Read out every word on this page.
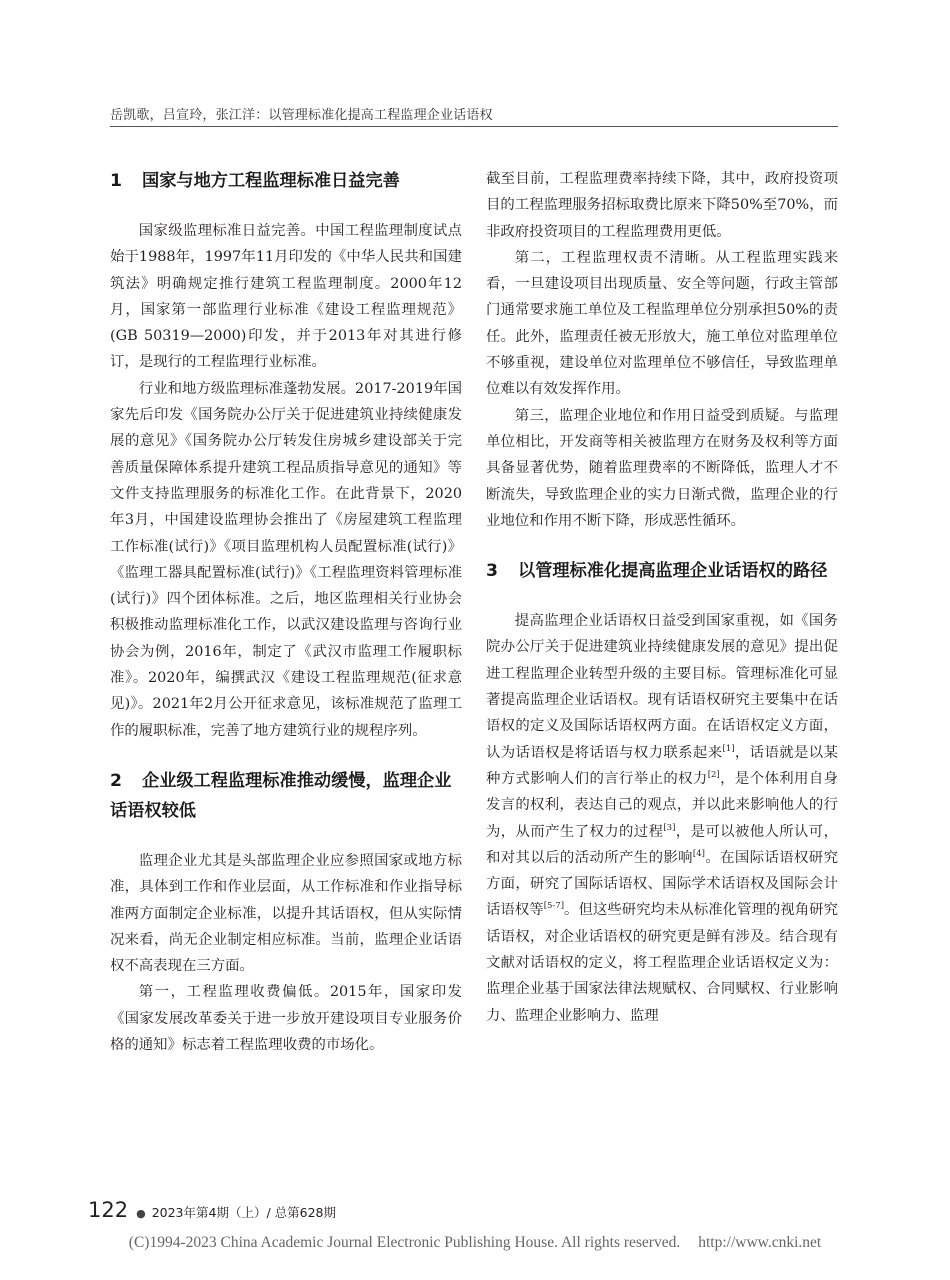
岳凯歌，吕宣玲，张江洋：以管理标准化提高工程监理企业话语权
1 国家与地方工程监理标准日益完善

国家级监理标准日益完善。中国工程监理制度试点始于1988年，1997年11月印发的《中华人民共和国建筑法》明确规定推行建筑工程监理制度。2000年12月，国家第一部监理行业标准《建设工程监理规范》(GB 50319—2000)印发，并于2013年对其进行修订，是现行的工程监理行业标准。

行业和地方级监理标准蓬勃发展。2017-2019年国家先后印发《国务院办公厅关于促进建筑业持续健康发展的意见》《国务院办公厅转发住房城乡建设部关于完善质量保障体系提升建筑工程品质指导意见的通知》等文件支持监理服务的标准化工作。在此背景下，2020年3月，中国建设监理协会推出了《房屋建筑工程监理工作标准(试行)》《项目监理机构人员配置标准(试行)》《监理工器具配置标准(试行)》《工程监理资料管理标准(试行)》四个团体标准。之后，地区监理相关行业协会积极推动监理标准化工作，以武汉建设监理与咨询行业协会为例，2016年，制定了《武汉市监理工作履职标准》。2020年，编撰武汉《建设工程监理规范(征求意见)》。2021年2月公开征求意见，该标准规范了监理工作的履职标准，完善了地方建筑行业的规程序列。

2 企业级工程监理标准推动缓慢，监理企业话语权较低

监理企业尤其是头部监理企业应参照国家或地方标准，具体到工作和作业层面，从工作标准和作业指导标准两方面制定企业标准，以提升其话语权，但从实际情况来看，尚无企业制定相应标准。当前，监理企业话语权不高表现在三方面。

第一，工程监理收费偏低。2015年，国家印发《国家发展改革委关于进一步放开建设项目专业服务价格的通知》标志着工程监理收费的市场化。

截至目前，工程监理费率持续下降，其中，政府投资项目的工程监理服务招标取费比原来下降50%至70%，而非政府投资项目的工程监理费用更低。

第二，工程监理权责不清晰。从工程监理实践来看，一旦建设项目出现质量、安全等问题，行政主管部门通常要求施工单位及工程监理单位分别承担50%的责任。此外，监理责任被无形放大，施工单位对监理单位不够重视，建设单位对监理单位不够信任，导致监理单位难以有效发挥作用。

第三，监理企业地位和作用日益受到质疑。与监理单位相比，开发商等相关被监理方在财务及权利等方面具备显著优势，随着监理费率的不断降低，监理人才不断流失，导致监理企业的实力日渐式微，监理企业的行业地位和作用不断下降，形成恶性循环。

3 以管理标准化提高监理企业话语权的路径

提高监理企业话语权日益受到国家重视，如《国务院办公厅关于促进建筑业持续健康发展的意见》提出促进工程监理企业转型升级的主要目标。管理标准化可显著提高监理企业话语权。现有话语权研究主要集中在话语权的定义及国际话语权两方面。在话语权定义方面，认为话语权是将话语与权力联系起来[1]，话语就是以某种方式影响人们的言行举止的权力[2]，是个体利用自身发言的权利，表达自己的观点，并以此来影响他人的行为，从而产生了权力的过程[3]，是可以被他人所认可，和对其以后的活动所产生的影响[4]。在国际话语权研究方面，研究了国际话语权、国际学术话语权及国际会计话语权等[5-7]。但这些研究均未从标准化管理的视角研究话语权，对企业话语权的研究更是鲜有涉及。结合现有文献对话语权的定义，将工程监理企业话语权定义为：监理企业基于国家法律法规赋权、合同赋权、行业影响力、监理企业影响力、监理

122 ● 2023年第4期（上）/ 总第628期
(C)1994-2023 China Academic Journal Electronic Publishing House. All rights reserved. http://www.cnki.net
